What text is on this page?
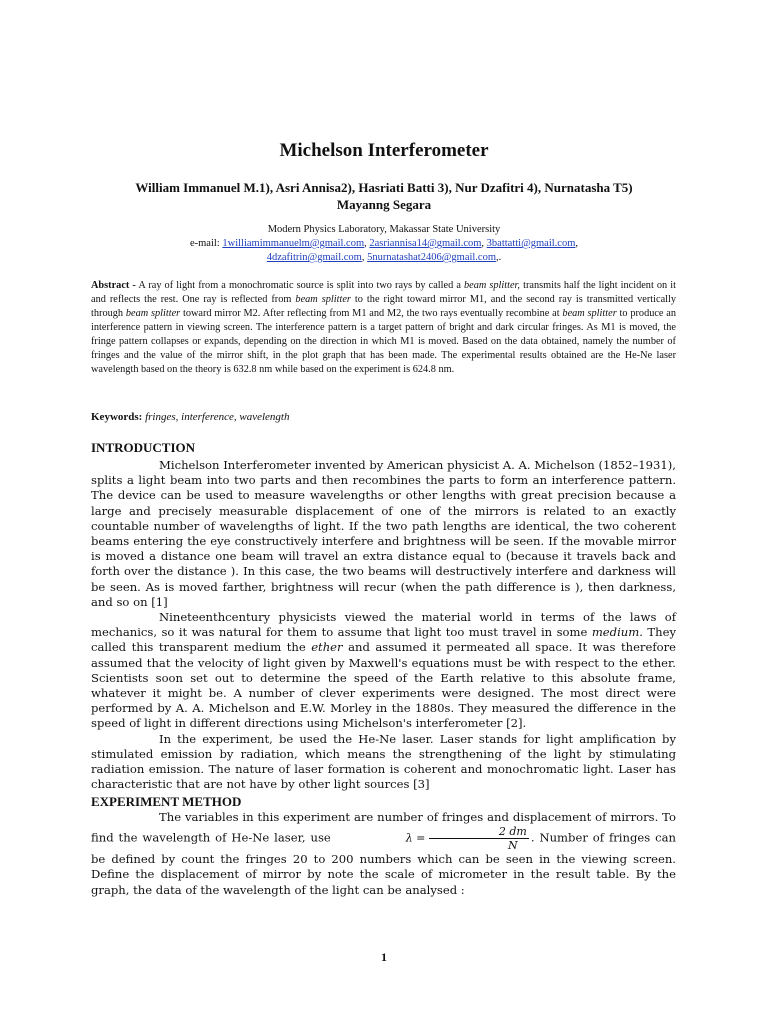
Michelson Interferometer
William Immanuel M.1), Asri Annisa2), Hasriati Batti 3), Nur Dzafitri 4), Nurnatasha T5)
Mayanng Segara
Modern Physics Laboratory, Makassar State University
e-mail: 1williamimmanuelm@gmail.com, 2asriannisa14@gmail.com, 3battatti@gmail.com,
4dzafitrin@gmail.com, 5nurnatashat2406@gmail.com,.
Abstract - A ray of light from a monochromatic source is split into two rays by called a beam splitter, transmits half the light incident on it and reflects the rest. One ray is reflected from beam splitter to the right toward mirror M1, and the second ray is transmitted vertically through beam splitter toward mirror M2. After reflecting from M1 and M2, the two rays eventually recombine at beam splitter to produce an interference pattern in viewing screen. The interference pattern is a target pattern of bright and dark circular fringes. As M1 is moved, the fringe pattern collapses or expands, depending on the direction in which M1 is moved. Based on the data obtained, namely the number of fringes and the value of the mirror shift, in the plot graph that has been made. The experimental results obtained are the He-Ne laser wavelength based on the theory is 632.8 nm while based on the experiment is 624.8 nm.
Keywords: fringes, interference, wavelength
INTRODUCTION

Michelson Interferometer invented by American physicist A. A. Michelson (1852–1931), splits a light beam into two parts and then recombines the parts to form an interference pattern. The device can be used to measure wavelengths or other lengths with great precision because a large and precisely measurable displacement of one of the mirrors is related to an exactly countable number of wavelengths of light. If the two path lengths are identical, the two coherent beams entering the eye constructively interfere and brightness will be seen. If the movable mirror is moved a distance one beam will travel an extra distance equal to (because it travels back and forth over the distance ). In this case, the two beams will destructively interfere and darkness will be seen. As is moved farther, brightness will recur (when the path difference is ), then darkness, and so on [1]

Nineteenthcentury physicists viewed the material world in terms of the laws of mechanics, so it was natural for them to assume that light too must travel in some medium. They called this transparent medium the ether and assumed it permeated all space. It was therefore assumed that the velocity of light given by Maxwell's equations must be with respect to the ether. Scientists soon set out to determine the speed of the Earth relative to this absolute frame, whatever it might be. A number of clever experiments were designed. The most direct were performed by A. A. Michelson and E.W. Morley in the 1880s. They measured the difference in the speed of light in different directions using Michelson's interferometer [2].

In the experiment, be used the He-Ne laser. Laser stands for light amplification by stimulated emission by radiation, which means the strengthening of the light by stimulating radiation emission. The nature of laser formation is coherent and monochromatic light. Laser has characteristic that are not have by other light sources [3]

EXPERIMENT METHOD

The variables in this experiment are number of fringes and displacement of mirrors. To find the wavelength of He-Ne laser, use	$\lambda = \frac{2 dm}{N}$ . Number of fringes can be defined by count the fringes 20 to 200 numbers which can be seen in the viewing screen. Define the displacement of mirror by note the scale of micrometer in the result table. By the graph, the data of the wavelength of the light can be analysed :

1
